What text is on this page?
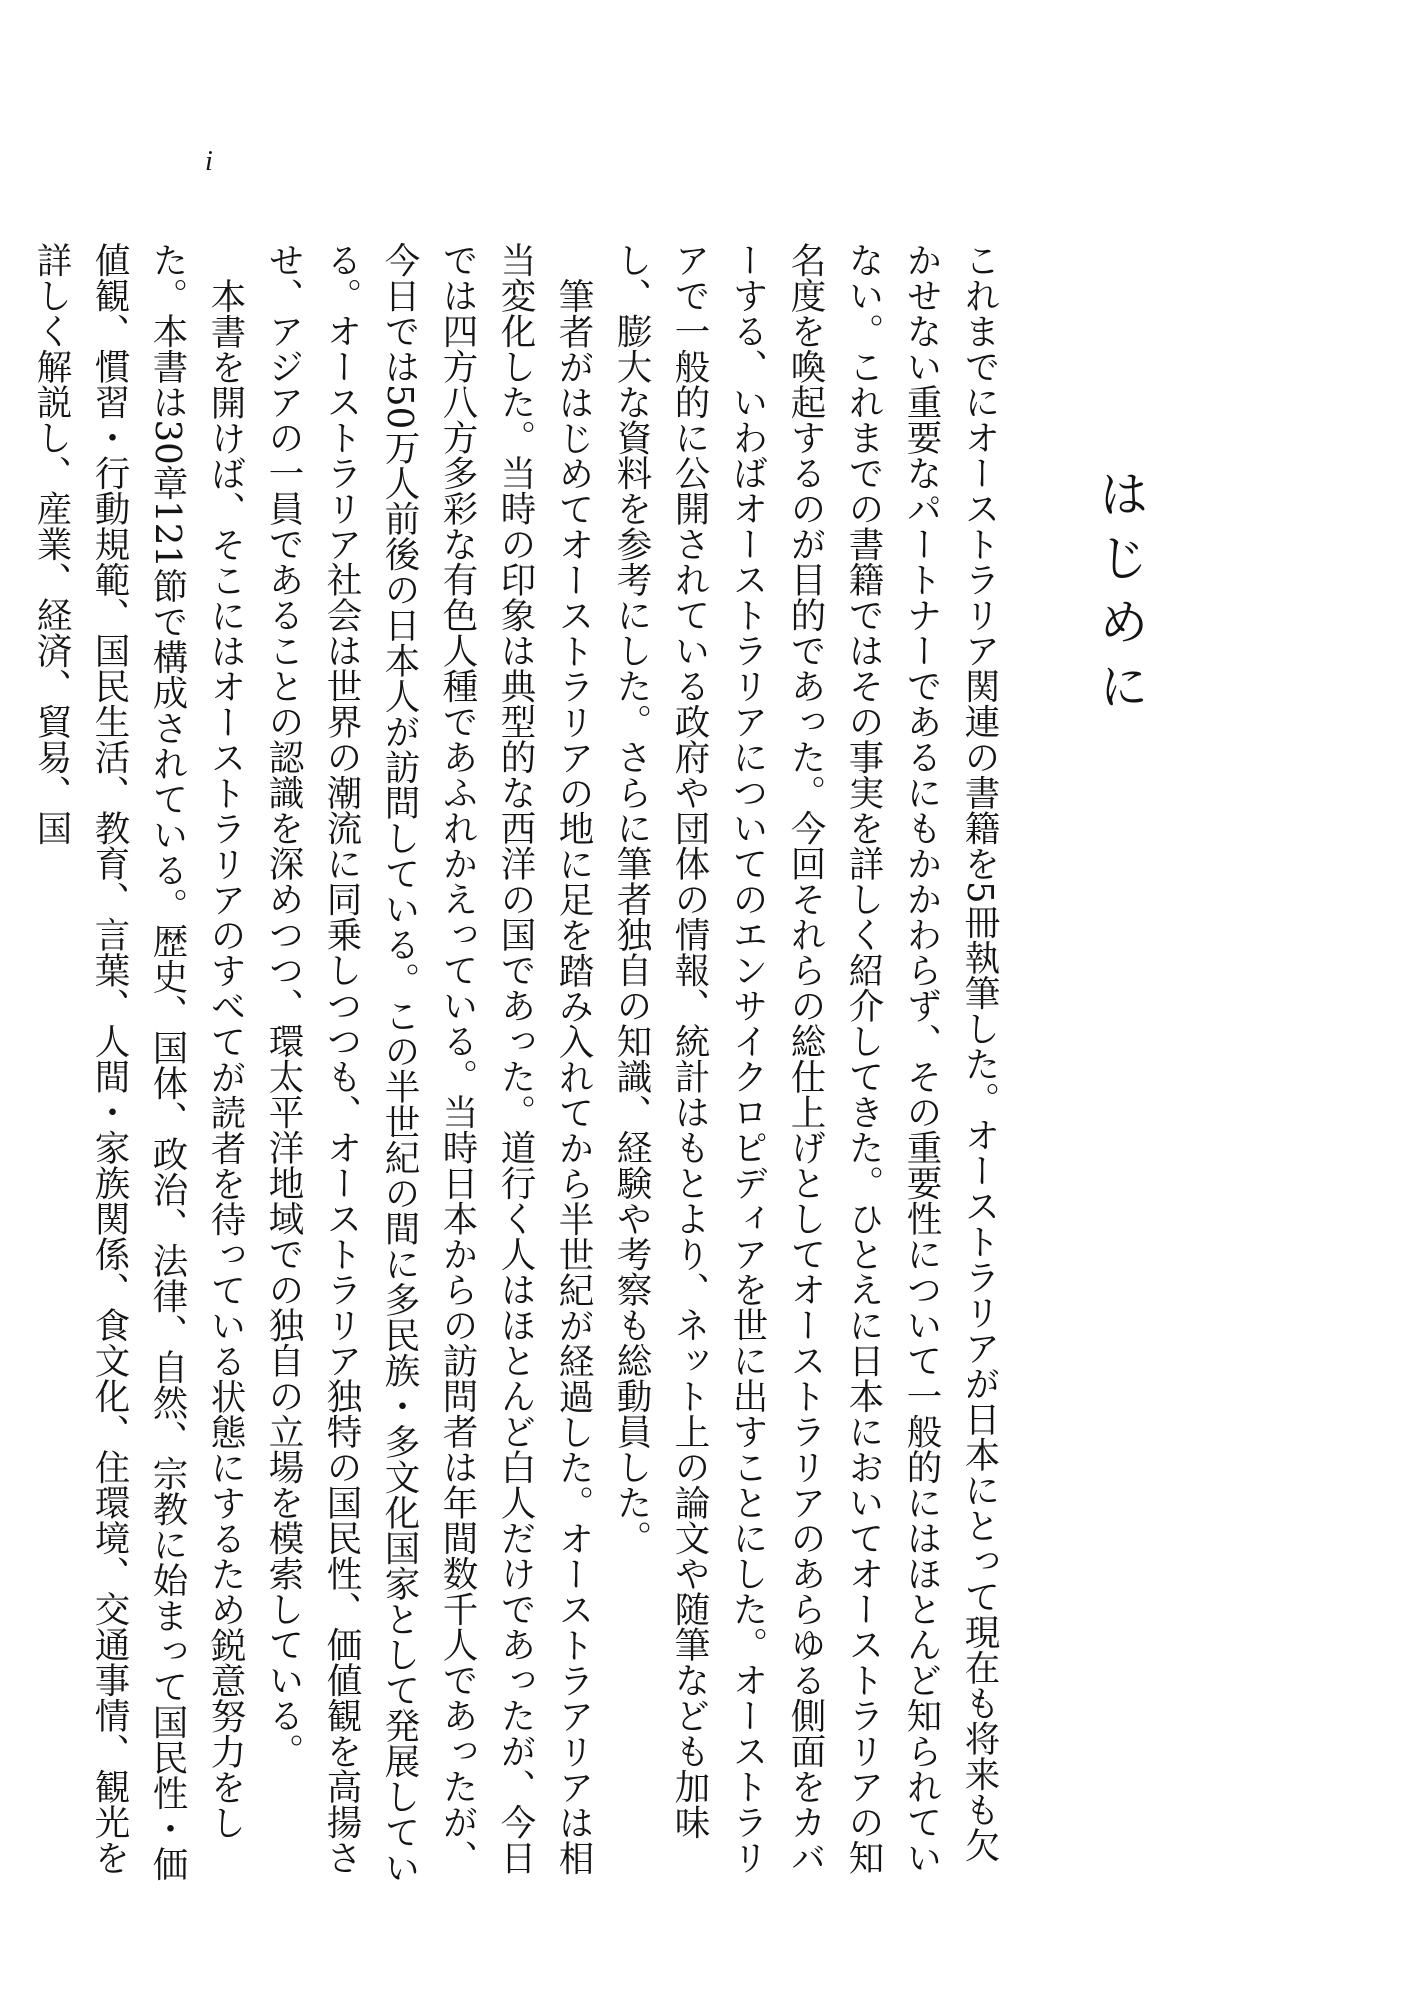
i
はじめに

これまでにオーストラリア関連の書籍を5冊執筆した。オーストラリアが日本にとって現在も将来も欠かせない重要なパートナーであるにもかかわらず、その重要性について一般的にはほとんど知られていない。これまでの書籍ではその事実を詳しく紹介してきた。ひとえに日本においてオーストラリアの知名度を喚起するのが目的であった。今回それらの総仕上げとしてオーストラリアのあらゆる側面をカバーする、いわばオーストラリアについてのエンサイクロピディアを世に出すことにした。オーストラリアで一般的に公開されている政府や団体の情報、統計はもとより、ネット上の論文や随筆なども加味し、膨大な資料を参考にした。さらに筆者独自の知識、経験や考察も総動員した。

筆者がはじめてオーストラリアの地に足を踏み入れてから半世紀が経過した。オーストラアリアは相当変化した。当時の印象は典型的な西洋の国であった。道行く人はほとんど白人だけであったが、今日では四方八方多彩な有色人種であふれかえっている。当時日本からの訪問者は年間数千人であったが、今日では50万人前後の日本人が訪問している。この半世紀の間に多民族・多文化国家として発展している。オーストラリア社会は世界の潮流に同乗しつつも、オーストラリア独特の国民性、価値観を高揚させ、アジアの一員であることの認識を深めつつ、環太平洋地域での独自の立場を模索している。

本書を開けば、そこにはオーストラリアのすべてが読者を待っている状態にするため鋭意努力をした。本書は30章121節で構成されている。歴史、国体、政治、法律、自然、宗教に始まって国民性・価値観、慣習・行動規範、国民生活、教育、言葉、人間・家族関係、食文化、住環境、交通事情、観光を詳しく解説し、産業、経済、貿易、国
